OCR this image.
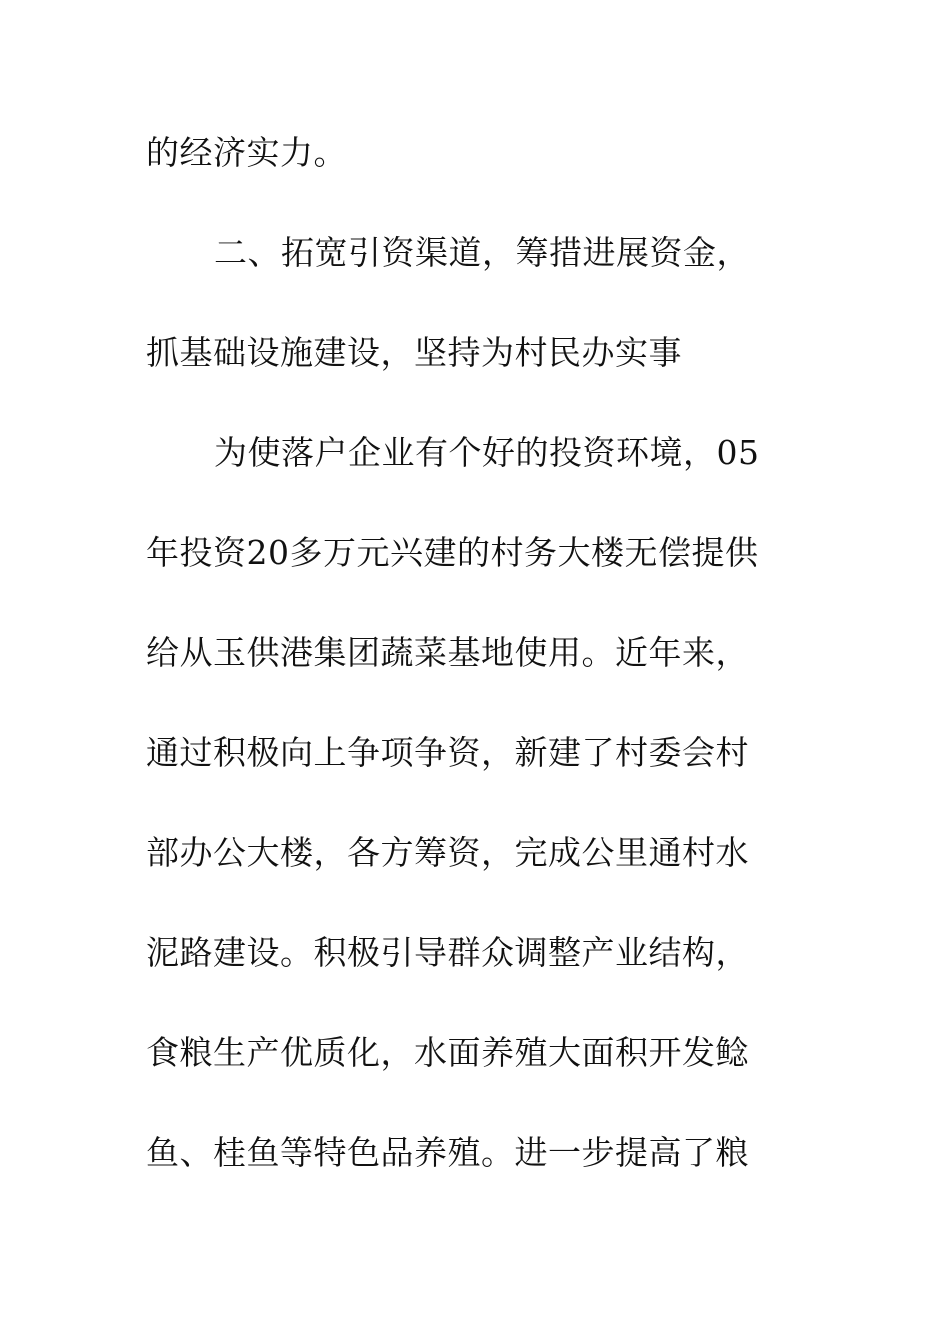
的经济实力。
二、拓宽引资渠道，筹措进展资金，
抓基础设施建设，坚持为村民办实事
为使落户企业有个好的投资环境，05
年投资20多万元兴建的村务大楼无偿提供
给从玉供港集团蔬菜基地使用。近年来，
通过积极向上争项争资，新建了村委会村
部办公大楼，各方筹资，完成公里通村水
泥路建设。积极引导群众调整产业结构，
食粮生产优质化，水面养殖大面积开发鲶
鱼、桂鱼等特色品养殖。进一步提高了粮
